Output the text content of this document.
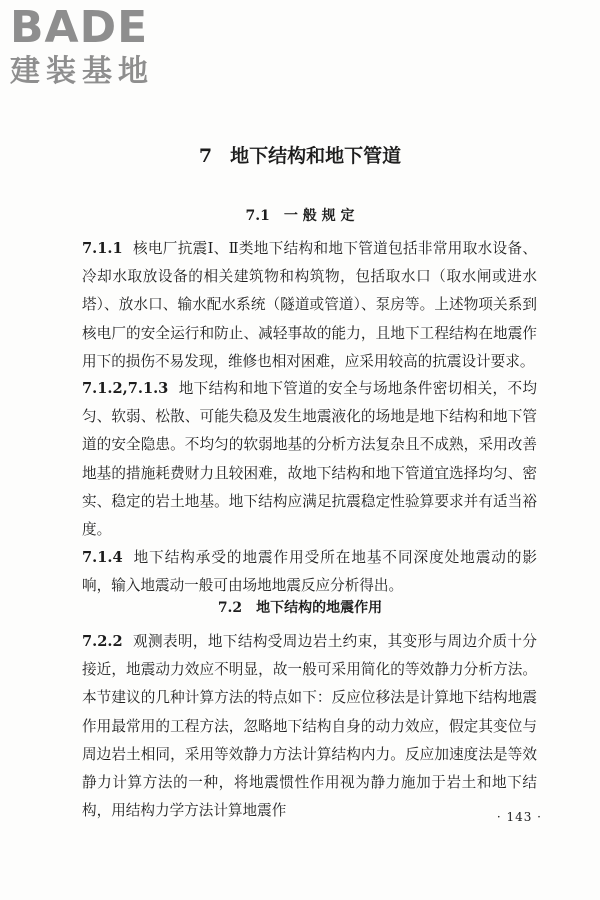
BADE
建装基地
7 地下结构和地下管道
7.1 一 般 规 定
7.1.1 核电厂抗震Ⅰ、Ⅱ类地下结构和地下管道包括非常用取水设备、冷却水取放设备的相关建筑物和构筑物，包括取水口（取水闸或进水塔）、放水口、输水配水系统（隧道或管道）、泵房等。上述物项关系到核电厂的安全运行和防止、减轻事故的能力，且地下工程结构在地震作用下的损伤不易发现，维修也相对困难，应采用较高的抗震设计要求。
7.1.2,7.1.3 地下结构和地下管道的安全与场地条件密切相关，不均匀、软弱、松散、可能失稳及发生地震液化的场地是地下结构和地下管道的安全隐患。不均匀的软弱地基的分析方法复杂且不成熟，采用改善地基的措施耗费财力且较困难，故地下结构和地下管道宜选择均匀、密实、稳定的岩土地基。地下结构应满足抗震稳定性验算要求并有适当裕度。
7.1.4 地下结构承受的地震作用受所在地基不同深度处地震动的影响，输入地震动一般可由场地地震反应分析得出。
7.2 地下结构的地震作用
7.2.2 观测表明，地下结构受周边岩土约束，其变形与周边介质十分接近，地震动力效应不明显，故一般可采用简化的等效静力分析方法。本节建议的几种计算方法的特点如下：反应位移法是计算地下结构地震作用最常用的工程方法，忽略地下结构自身的动力效应，假定其变位与周边岩土相同，采用等效静力方法计算结构内力。反应加速度法是等效静力计算方法的一种，将地震惯性作用视为静力施加于岩土和地下结构，用结构力学方法计算地震作	· 143 ·
